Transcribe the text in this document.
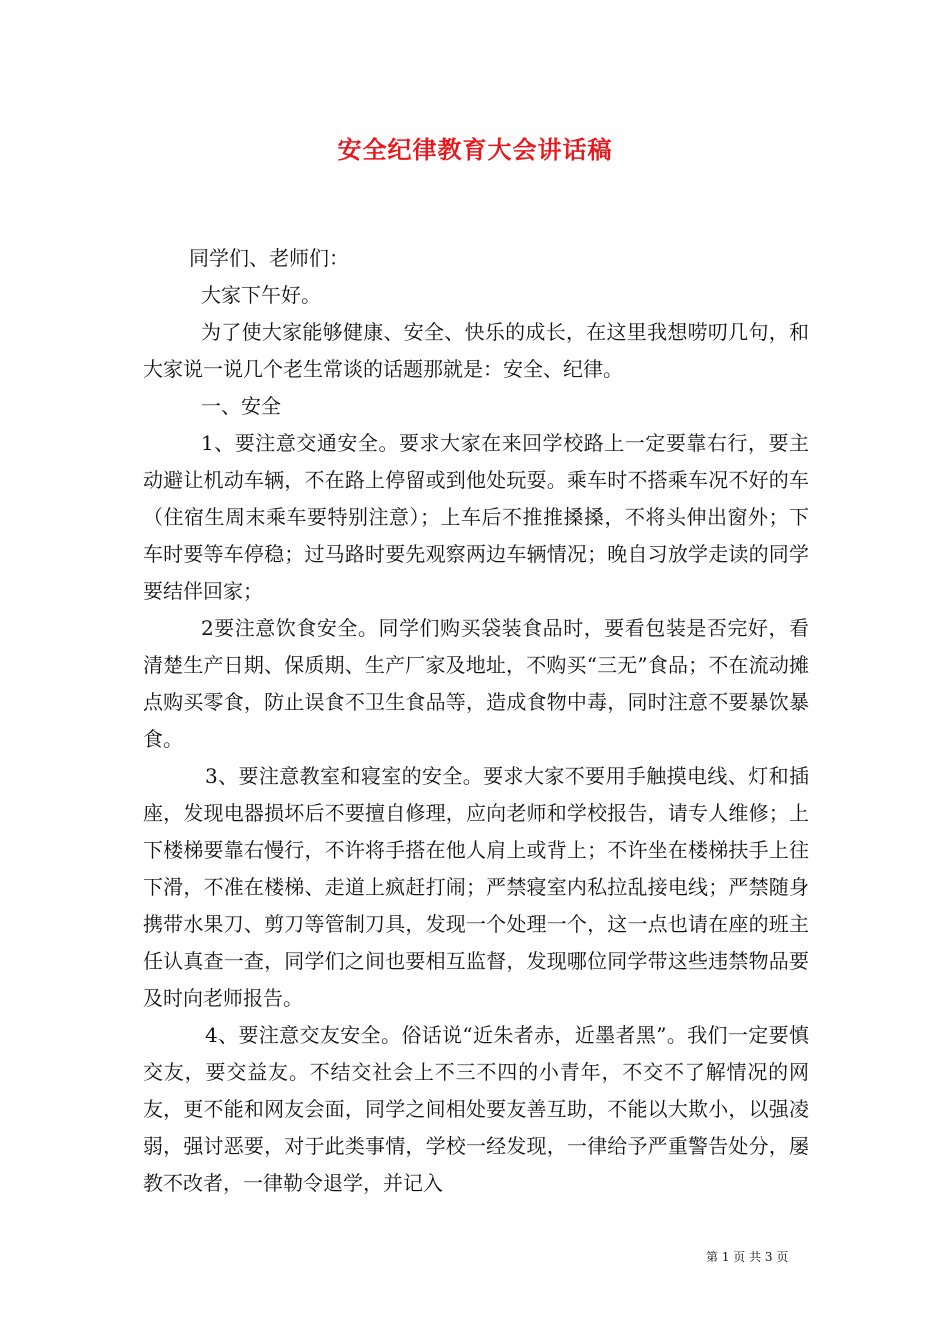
安全纪律教育大会讲话稿

同学们、老师们：

大家下午好。

为了使大家能够健康、安全、快乐的成长，在这里我想唠叨几句，和大家说一说几个老生常谈的话题那就是：安全、纪律。

一、安全

1、要注意交通安全。要求大家在来回学校路上一定要靠右行，要主动避让机动车辆，不在路上停留或到他处玩耍。乘车时不搭乘车况不好的车（住宿生周末乘车要特别注意）；上车后不推推搡搡，不将头伸出窗外；下车时要等车停稳；过马路时要先观察两边车辆情况；晚自习放学走读的同学要结伴回家；

2要注意饮食安全。同学们购买袋装食品时，要看包装是否完好，看清楚生产日期、保质期、生产厂家及地址，不购买“三无”食品；不在流动摊点购买零食，防止误食不卫生食品等，造成食物中毒，同时注意不要暴饮暴食。

3、要注意教室和寝室的安全。要求大家不要用手触摸电线、灯和插座，发现电器损坏后不要擅自修理，应向老师和学校报告，请专人维修；上下楼梯要靠右慢行，不许将手搭在他人肩上或背上；不许坐在楼梯扶手上往下滑，不准在楼梯、走道上疯赶打闹；严禁寝室内私拉乱接电线；严禁随身携带水果刀、剪刀等管制刀具，发现一个处理一个，这一点也请在座的班主任认真查一查，同学们之间也要相互监督，发现哪位同学带这些违禁物品要及时向老师报告。

4、要注意交友安全。俗话说“近朱者赤，近墨者黑”。我们一定要慎交友，要交益友。不结交社会上不三不四的小青年，不交不了解情况的网友，更不能和网友会面，同学之间相处要友善互助，不能以大欺小，以强凌弱，强讨恶要，对于此类事情，学校一经发现，一律给予严重警告处分，屡教不改者，一律勒令退学，并记入

第 1 页 共 3 页
